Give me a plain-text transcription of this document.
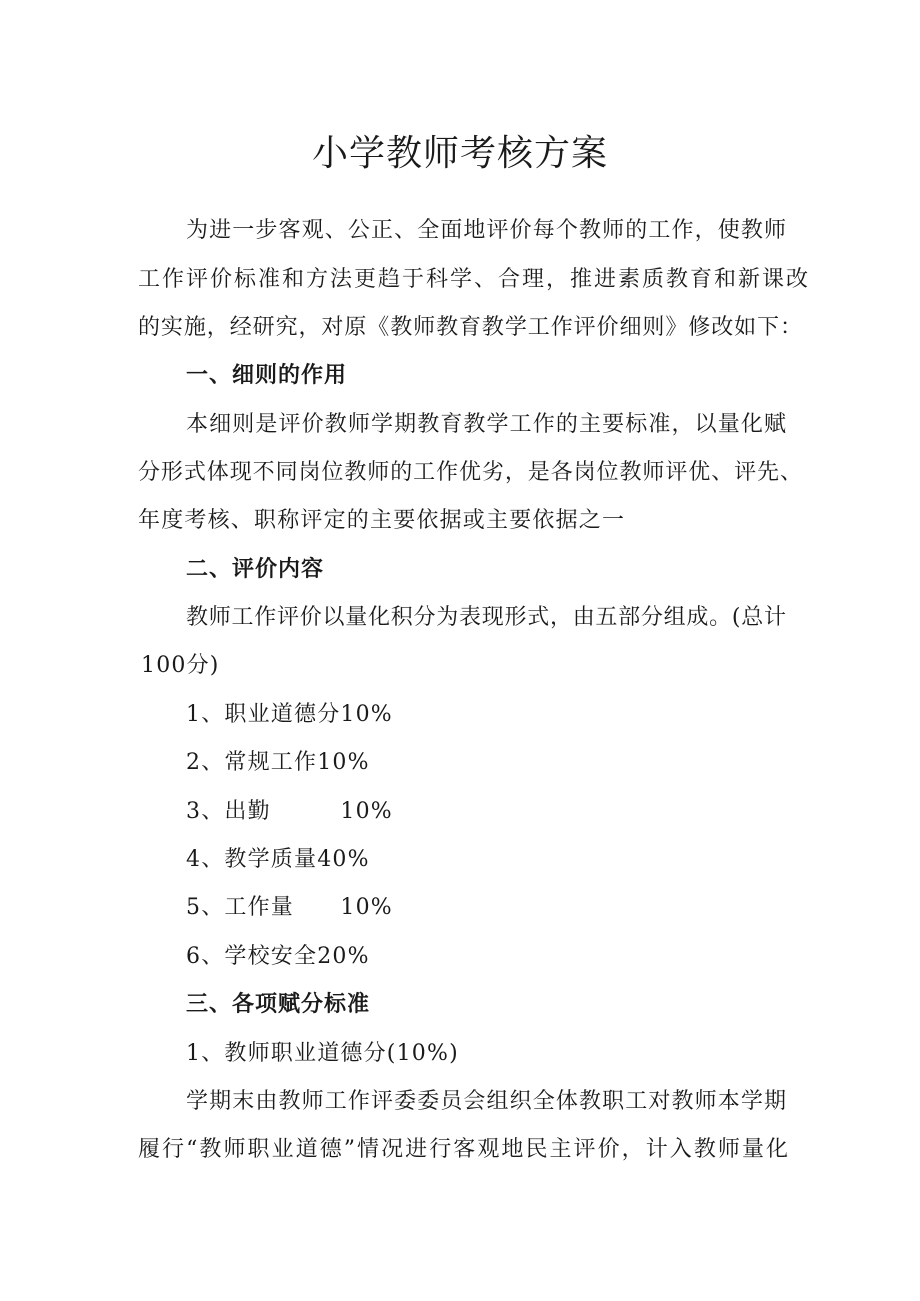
小学教师考核方案
为进一步客观、公正、全面地评价每个教师的工作，使教师
工作评价标准和方法更趋于科学、合理，推进素质教育和新课改
的实施，经研究，对原《教师教育教学工作评价细则》修改如下：
一、细则的作用
本细则是评价教师学期教育教学工作的主要标准，以量化赋
分形式体现不同岗位教师的工作优劣，是各岗位教师评优、评先、
年度考核、职称评定的主要依据或主要依据之一
二、评价内容
教师工作评价以量化积分为表现形式，由五部分组成。(总计
100分)
1、职业道德分10%
2、常规工作10%
3、出勤　　　10%
4、教学质量40%
5、工作量　　10%
6、学校安全20%
三、各项赋分标准
1、教师职业道德分(10%)
学期末由教师工作评委委员会组织全体教职工对教师本学期
履行“教师职业道德”情况进行客观地民主评价，计入教师量化
